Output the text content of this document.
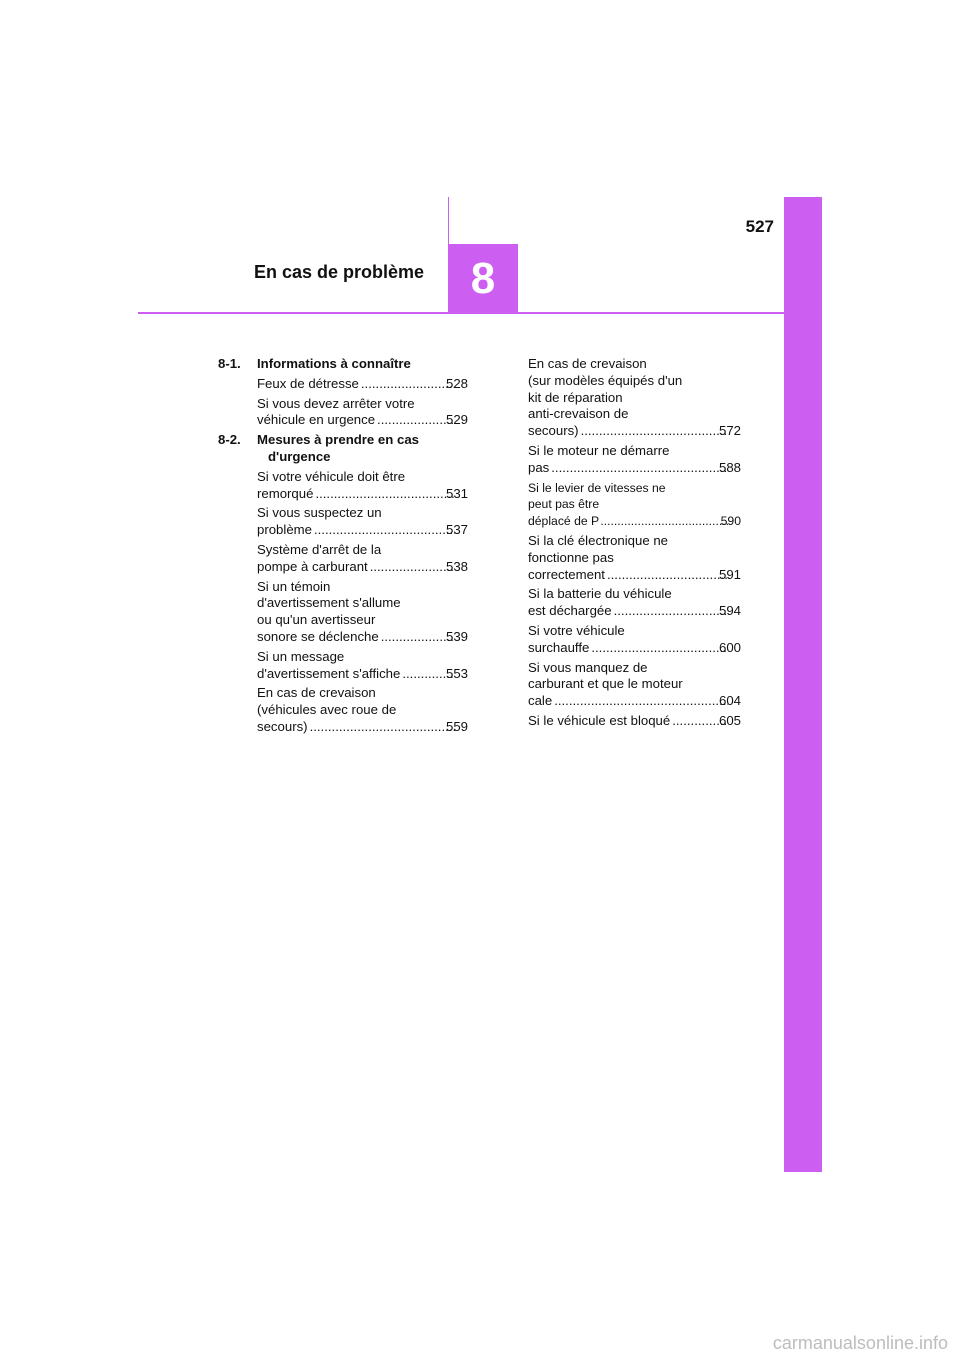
527
En cas de problème	8
8-1. Informations à connaître
Feux de détresse .....	528
Si vous devez arrêter votre
véhicule en urgence .....	529
8-2. Mesures à prendre en cas d'urgence
Si votre véhicule doit être
remorqué .....	531
Si vous suspectez un
problème .....	537
Système d'arrêt de la
pompe à carburant .....	538
Si un témoin
d'avertissement s'allume
ou qu'un avertisseur
sonore se déclenche .....	539
Si un message
d'avertissement s'affiche .....	553
En cas de crevaison
(véhicules avec roue de
secours) .....	559
En cas de crevaison
(sur modèles équipés d'un
kit de réparation
anti-crevaison de
secours) .....	572
Si le moteur ne démarre
pas .....	588
Si le levier de vitesses ne
peut pas être
déplacé de P .....	590
Si la clé électronique ne
fonctionne pas
correctement .....	591
Si la batterie du véhicule
est déchargée .....	594
Si votre véhicule
surchauffe .....	600
Si vous manquez de
carburant et que le moteur
cale .....	604
Si le véhicule est bloqué .....	605
carmanualsonline.info
